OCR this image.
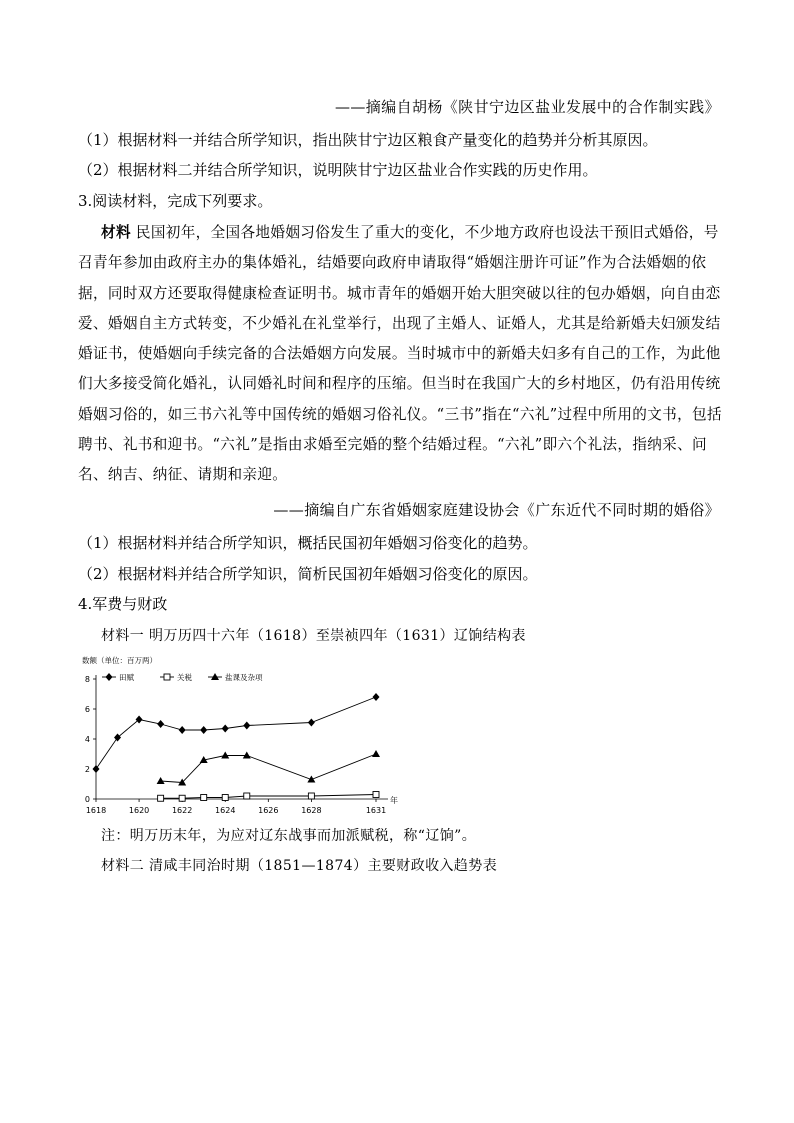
——摘编自胡杨《陕甘宁边区盐业发展中的合作制实践》
（1）根据材料一并结合所学知识，指出陕甘宁边区粮食产量变化的趋势并分析其原因。
（2）根据材料二并结合所学知识，说明陕甘宁边区盐业合作实践的历史作用。
3.阅读材料，完成下列要求。

材料 民国初年，全国各地婚姻习俗发生了重大的变化，不少地方政府也设法干预旧式婚俗，号召青年参加由政府主办的集体婚礼，结婚要向政府申请取得“婚姻注册许可证”作为合法婚姻的依据，同时双方还要取得健康检查证明书。城市青年的婚姻开始大胆突破以往的包办婚姻，向自由恋爱、婚姻自主方式转变，不少婚礼在礼堂举行，出现了主婚人、证婚人，尤其是给新婚夫妇颁发结婚证书，使婚姻向手续完备的合法婚姻方向发展。当时城市中的新婚夫妇多有自己的工作，为此他们大多接受简化婚礼，认同婚礼时间和程序的压缩。但当时在我国广大的乡村地区，仍有沿用传统婚姻习俗的，如三书六礼等中国传统的婚姻习俗礼仪。“三书”指在“六礼”过程中所用的文书，包括聘书、礼书和迎书。“六礼”是指由求婚至完婚的整个结婚过程。“六礼”即六个礼法，指纳采、问名、纳吉、纳征、请期和亲迎。

——摘编自广东省婚姻家庭建设协会《广东近代不同时期的婚俗》
（1）根据材料并结合所学知识，概括民国初年婚姻习俗变化的趋势。
（2）根据材料并结合所学知识，简析民国初年婚姻习俗变化的原因。
4.军费与财政
材料一 明万历四十六年（1618）至崇祯四年（1631）辽饷结构表
数额（单位：百万两）
田赋	关税	盐课及杂项
0
2
4
6
8
1618	1620	1622	1624	1626	1628	1631
年
注：明万历末年，为应对辽东战事而加派赋税，称“辽饷”。
材料二 清咸丰同治时期（1851—1874）主要财政收入趋势表
